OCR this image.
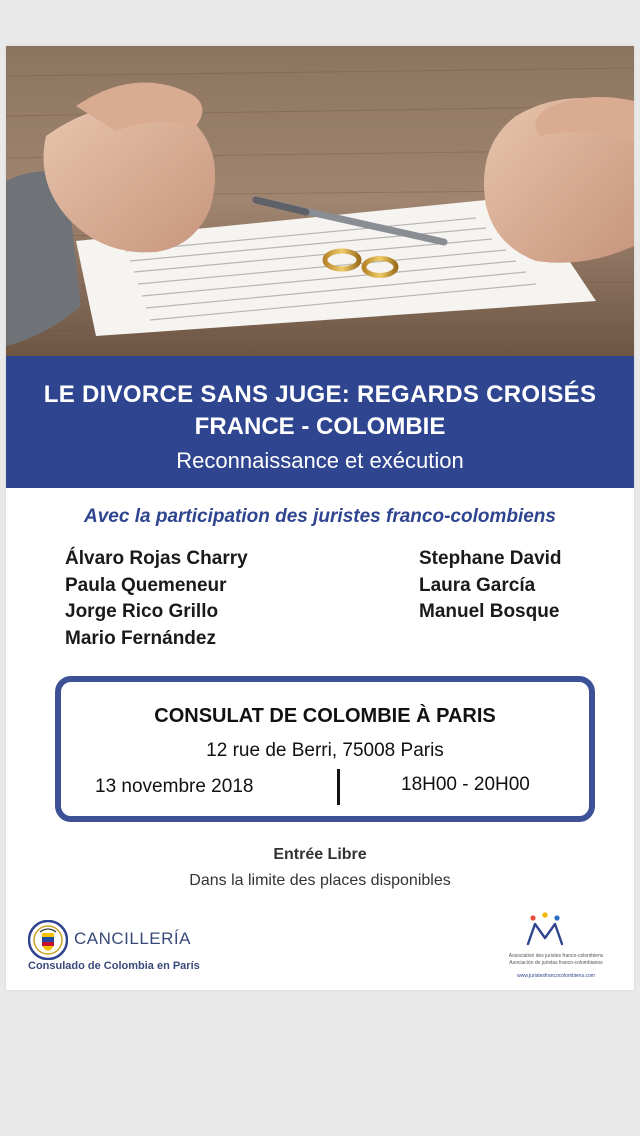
LE DIVORCE SANS JUGE: REGARDS CROISÉS
FRANCE - COLOMBIE
Reconnaissance et exécution
Avec la participation des juristes franco-colombiens
Álvaro Rojas Charry
Paula Quemeneur
Jorge Rico Grillo
Mario Fernández
Stephane David
Laura García
Manuel Bosque
CONSULAT DE COLOMBIE À PARIS
12 rue de Berri, 75008 Paris
13 novembre 2018	18H00 - 20H00
Entrée Libre
Dans la limite des places disponibles
CANCILLERÍA
Consulado de Colombia en París
Association des juristes franco-colombiens
Asociación de juristas franco-colombianos
www.juristesfrancocolombiens.com
